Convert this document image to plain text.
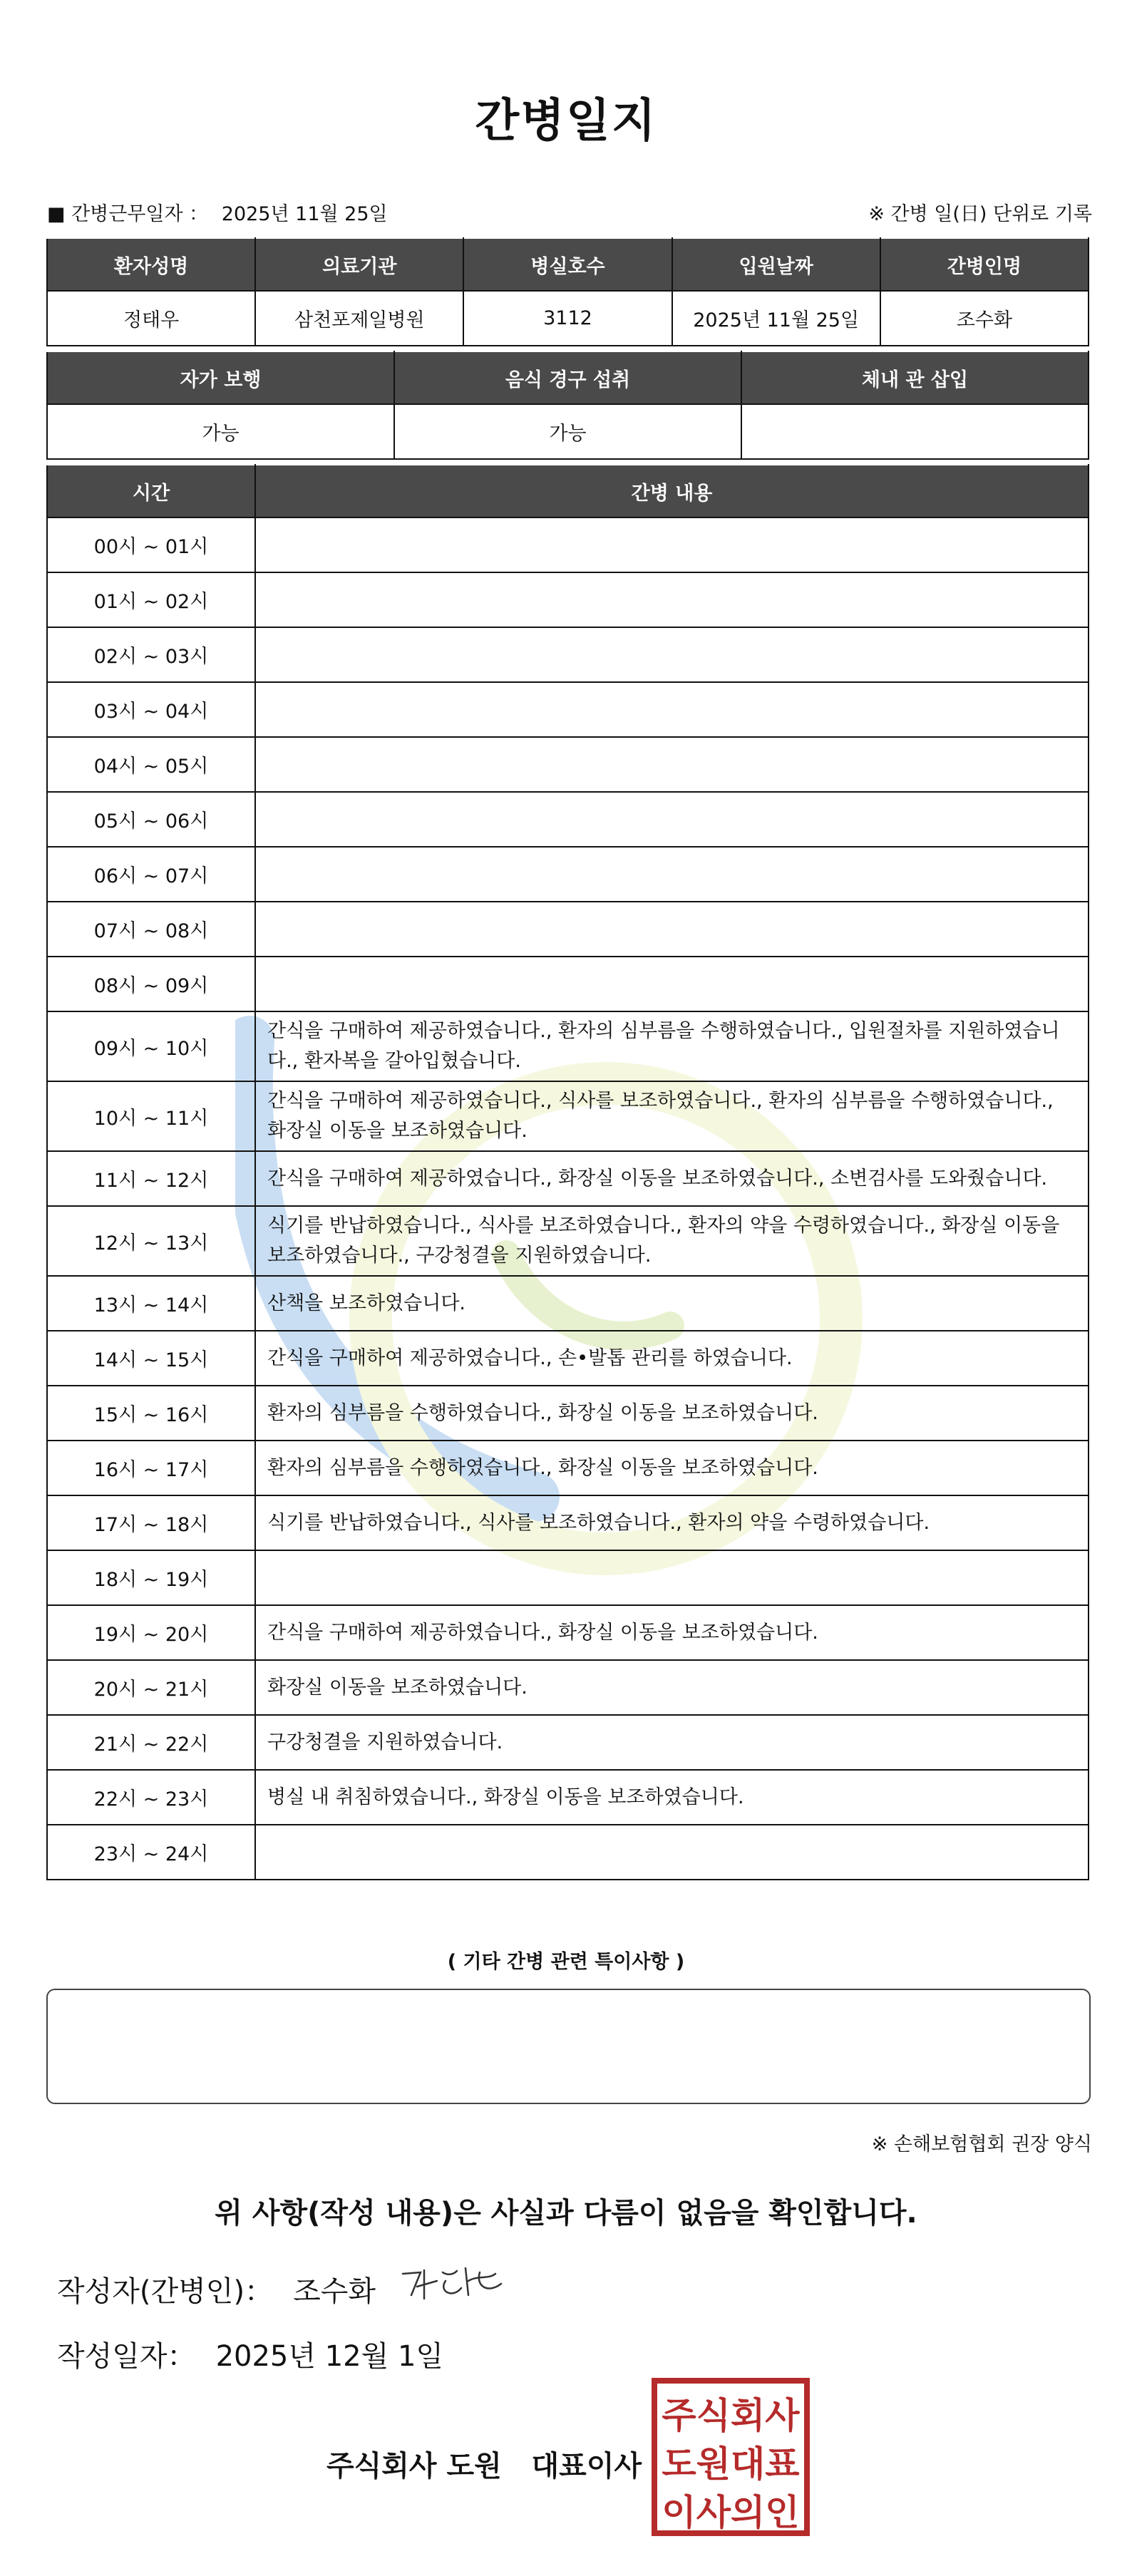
간병일지
■ 간병근무일자 ： 2025년 11월 25일	※ 간병 일(日) 단위로 기록
환자성명	의료기관	병실호수	입원날짜	간병인명
정태우	삼천포제일병원	3112	2025년 11월 25일	조수화
자가 보행	음식 경구 섭취	체내 관 삽입
가능	가능	
시간	간병 내용
00시 ~ 01시	
01시 ~ 02시	
02시 ~ 03시	
03시 ~ 04시	
04시 ~ 05시	
05시 ~ 06시	
06시 ~ 07시	
07시 ~ 08시	
08시 ~ 09시	
09시 ~ 10시	간식을 구매하여 제공하였습니다., 환자의 심부름을 수행하였습니다., 입원절차를 지원하였습니다., 환자복을 갈아입혔습니다.
10시 ~ 11시	간식을 구매하여 제공하였습니다., 식사를 보조하였습니다., 환자의 심부름을 수행하였습니다., 화장실 이동을 보조하였습니다.
11시 ~ 12시	간식을 구매하여 제공하였습니다., 화장실 이동을 보조하였습니다., 소변검사를 도와줬습니다.
12시 ~ 13시	식기를 반납하였습니다., 식사를 보조하였습니다., 환자의 약을 수령하였습니다., 화장실 이동을 보조하였습니다., 구강청결을 지원하였습니다.
13시 ~ 14시	산책을 보조하였습니다.
14시 ~ 15시	간식을 구매하여 제공하였습니다., 손•발톱 관리를 하였습니다.
15시 ~ 16시	환자의 심부름을 수행하였습니다., 화장실 이동을 보조하였습니다.
16시 ~ 17시	환자의 심부름을 수행하였습니다., 화장실 이동을 보조하였습니다.
17시 ~ 18시	식기를 반납하였습니다., 식사를 보조하였습니다., 환자의 약을 수령하였습니다.
18시 ~ 19시	
19시 ~ 20시	간식을 구매하여 제공하였습니다., 화장실 이동을 보조하였습니다.
20시 ~ 21시	화장실 이동을 보조하였습니다.
21시 ~ 22시	구강청결을 지원하였습니다.
22시 ~ 23시	병실 내 취침하였습니다., 화장실 이동을 보조하였습니다.
23시 ~ 24시	
( 기타 간병 관련 특이사항 )
※ 손해보험협회 권장 양식
위 사항(작성 내용)은 사실과 다름이 없음을 확인합니다.
작성자(간병인)： 조수화
작성일자： 2025년 12월 1일
주식회사 도원   대표이사
주식회사
도원대표
이사의인
